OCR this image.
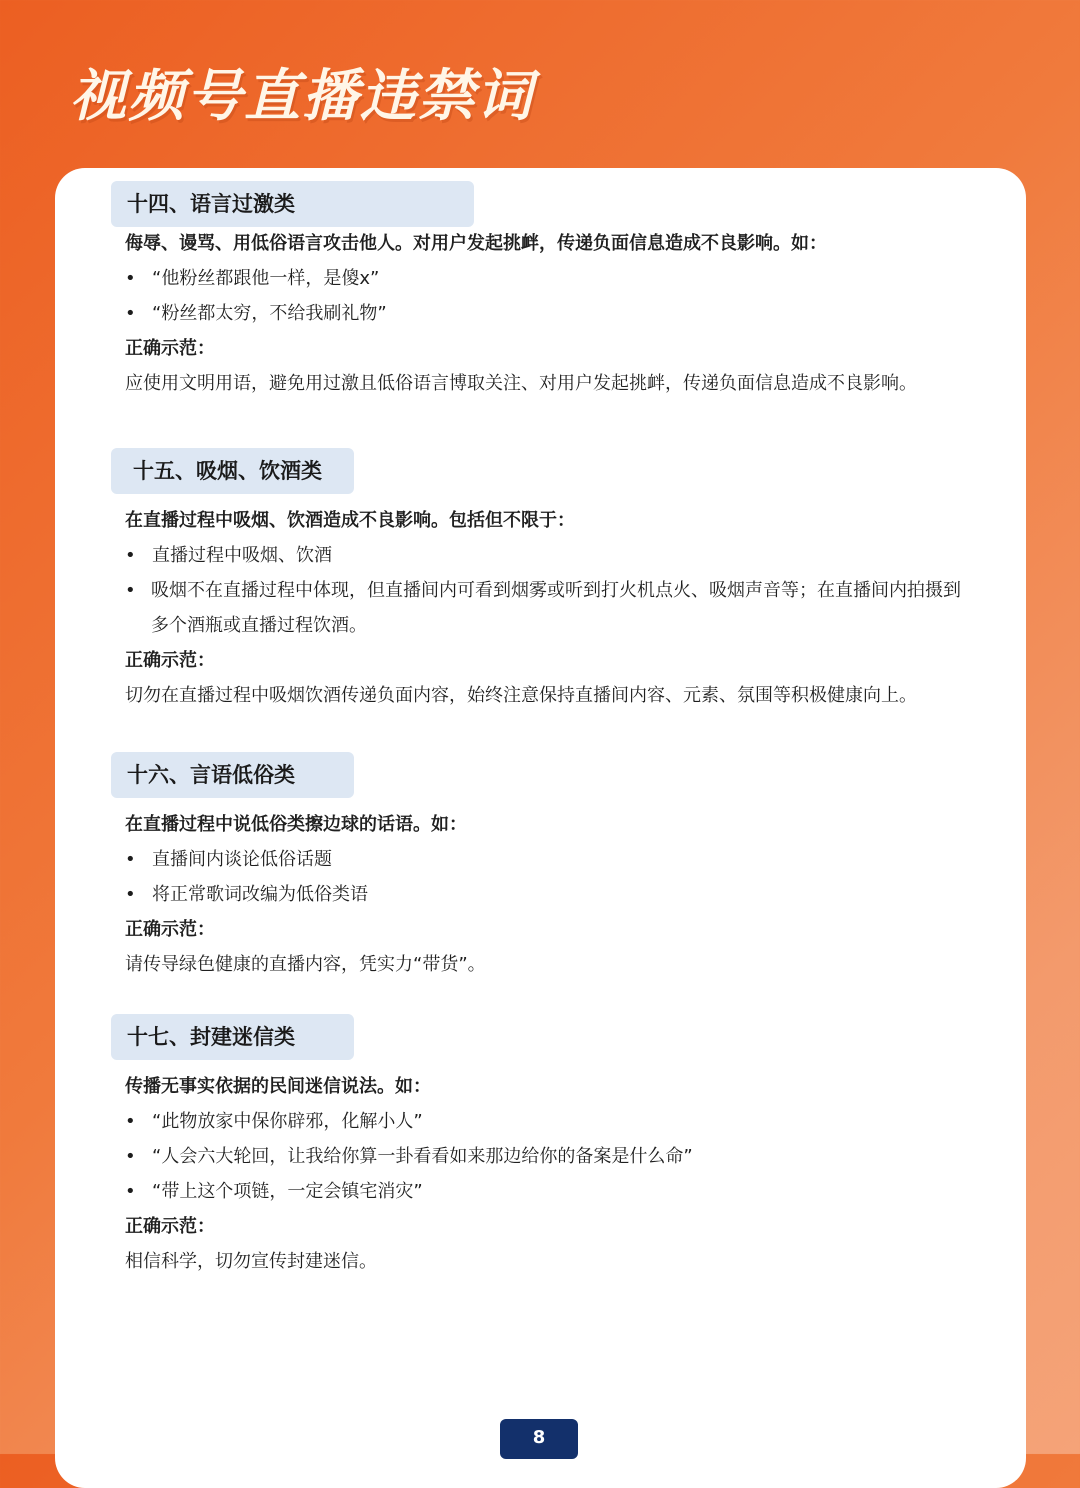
视频号直播违禁词
十四、语言过激类
侮辱、谩骂、用低俗语言攻击他人。对用户发起挑衅，传递负面信息造成不良影响。如：
• “他粉丝都跟他一样，是傻x”
• “粉丝都太穷，不给我刷礼物”
正确示范：
应使用文明用语，避免用过激且低俗语言博取关注、对用户发起挑衅，传递负面信息造成不良影响。
十五、吸烟、饮酒类
在直播过程中吸烟、饮酒造成不良影响。包括但不限于：
• 直播过程中吸烟、饮酒
• 吸烟不在直播过程中体现，但直播间内可看到烟雾或听到打火机点火、吸烟声音等；在直播间内拍摄到多个酒瓶或直播过程饮酒。
正确示范：
切勿在直播过程中吸烟饮酒传递负面内容，始终注意保持直播间内容、元素、氛围等积极健康向上。
十六、言语低俗类
在直播过程中说低俗类擦边球的话语。如：
• 直播间内谈论低俗话题
• 将正常歌词改编为低俗类语
正确示范：
请传导绿色健康的直播内容，凭实力“带货”。
十七、封建迷信类
传播无事实依据的民间迷信说法。如：
• “此物放家中保你辟邪，化解小人”
• “人会六大轮回，让我给你算一卦看看如来那边给你的备案是什么命”
• “带上这个项链，一定会镇宅消灾”
正确示范：
相信科学，切勿宣传封建迷信。
8
